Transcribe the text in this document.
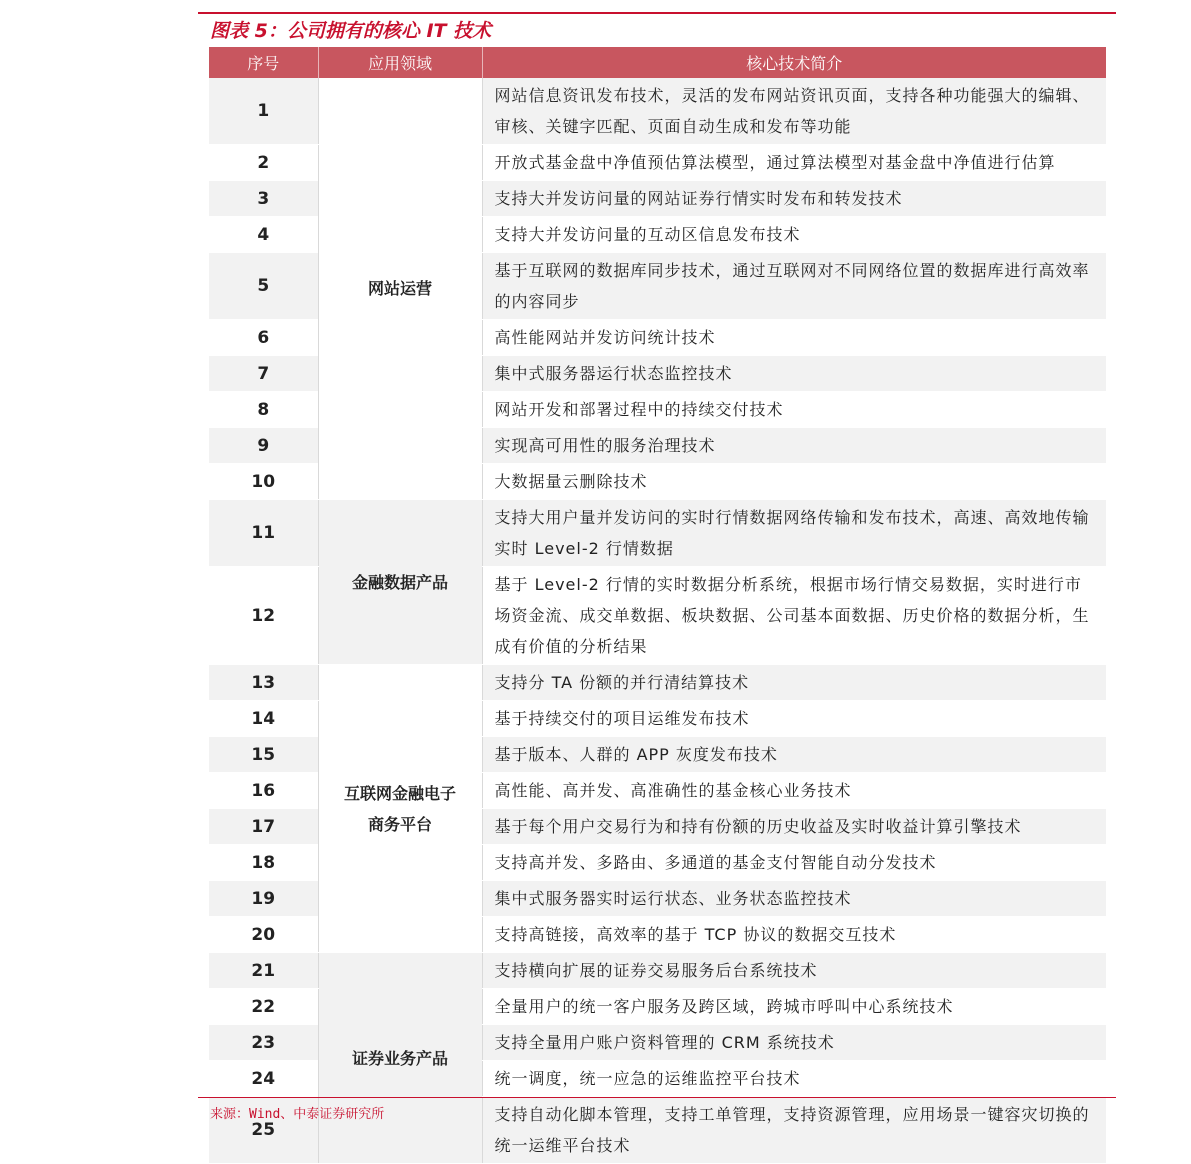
图表 5：公司拥有的核心 IT 技术
序号	应用领域	核心技术简介
1	网站运营	网站信息资讯发布技术，灵活的发布网站资讯页面，支持各种功能强大的编辑、审核、关键字匹配、页面自动生成和发布等功能
2		开放式基金盘中净值预估算法模型，通过算法模型对基金盘中净值进行估算
3		支持大并发访问量的网站证券行情实时发布和转发技术
4		支持大并发访问量的互动区信息发布技术
5		基于互联网的数据库同步技术，通过互联网对不同网络位置的数据库进行高效率的内容同步
6		高性能网站并发访问统计技术
7		集中式服务器运行状态监控技术
8		网站开发和部署过程中的持续交付技术
9		实现高可用性的服务治理技术
10		大数据量云删除技术
11	金融数据产品	支持大用户量并发访问的实时行情数据网络传输和发布技术，高速、高效地传输实时 Level-2 行情数据
12		基于 Level-2 行情的实时数据分析系统，根据市场行情交易数据，实时进行市场资金流、成交单数据、板块数据、公司基本面数据、历史价格的数据分析，生成有价值的分析结果
13	互联网金融电子商务平台	支持分 TA 份额的并行清结算技术
14		基于持续交付的项目运维发布技术
15		基于版本、人群的 APP 灰度发布技术
16		高性能、高并发、高准确性的基金核心业务技术
17		基于每个用户交易行为和持有份额的历史收益及实时收益计算引擎技术
18		支持高并发、多路由、多通道的基金支付智能自动分发技术
19		集中式服务器实时运行状态、业务状态监控技术
20		支持高链接，高效率的基于 TCP 协议的数据交互技术
21	证券业务产品	支持横向扩展的证券交易服务后台系统技术
22		全量用户的统一客户服务及跨区域，跨城市呼叫中心系统技术
23		支持全量用户账户资料管理的 CRM 系统技术
24		统一调度，统一应急的运维监控平台技术
25		支持自动化脚本管理，支持工单管理，支持资源管理，应用场景一键容灾切换的统一运维平台技术
来源：Wind、中泰证券研究所
